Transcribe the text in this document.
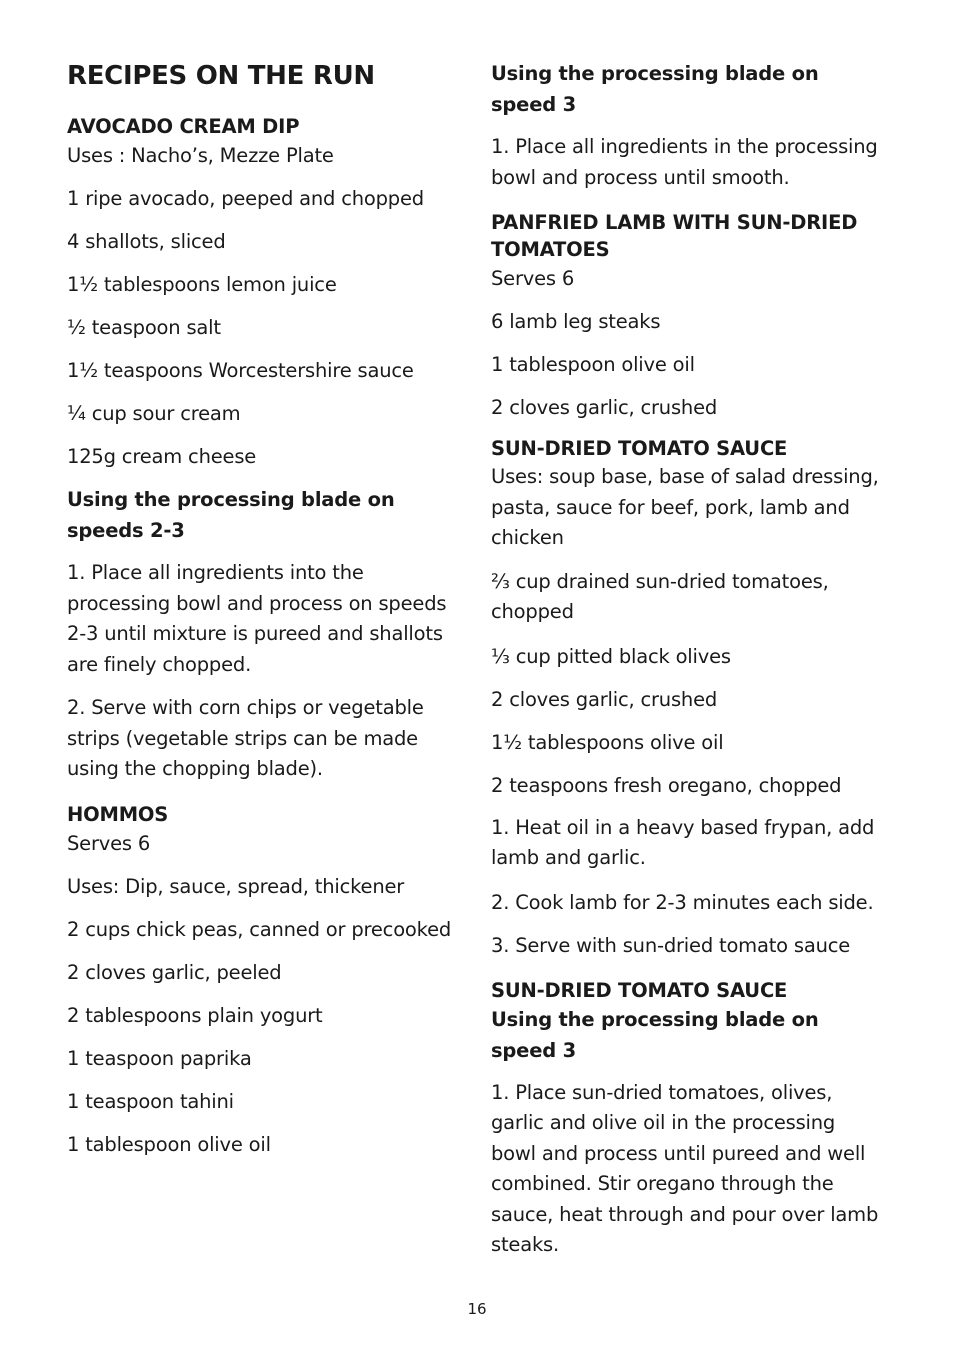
RECIPES ON THE RUN
AVOCADO CREAM DIP

Uses : Nacho’s, Mezze Plate

1 ripe avocado, peeped and chopped

4 shallots, sliced

1½ tablespoons lemon juice

½ teaspoon salt

1½ teaspoons Worcestershire sauce

¼ cup sour cream

125g cream cheese

Using the processing blade on speeds 2-3

1. Place all ingredients into the processing bowl and process on speeds 2-3 until mixture is pureed and shallots are finely chopped.

2. Serve with corn chips or vegetable strips (vegetable strips can be made using the chopping blade).

HOMMOS

Serves 6

Uses: Dip, sauce, spread, thickener

2 cups chick peas, canned or precooked

2 cloves garlic, peeled

2 tablespoons plain yogurt

1 teaspoon paprika

1 teaspoon tahini

1 tablespoon olive oil

Using the processing blade on speed 3

1. Place all ingredients in the processing bowl and process until smooth.

PANFRIED LAMB WITH SUN-DRIED TOMATOES

Serves 6

6 lamb leg steaks

1 tablespoon olive oil

2 cloves garlic, crushed

SUN-DRIED TOMATO SAUCE

Uses: soup base, base of salad dressing, pasta, sauce for beef, pork, lamb and chicken

⅔ cup drained sun-dried tomatoes, chopped

⅓ cup pitted black olives

2 cloves garlic, crushed

1½ tablespoons olive oil

2 teaspoons fresh oregano, chopped

1. Heat oil in a heavy based frypan, add lamb and garlic.

2. Cook lamb for 2-3 minutes each side.

3. Serve with sun-dried tomato sauce

SUN-DRIED TOMATO SAUCE
Using the processing blade on speed 3

1. Place sun-dried tomatoes, olives, garlic and olive oil in the processing bowl and process until pureed and well combined. Stir oregano through the sauce, heat through and pour over lamb steaks.

16
